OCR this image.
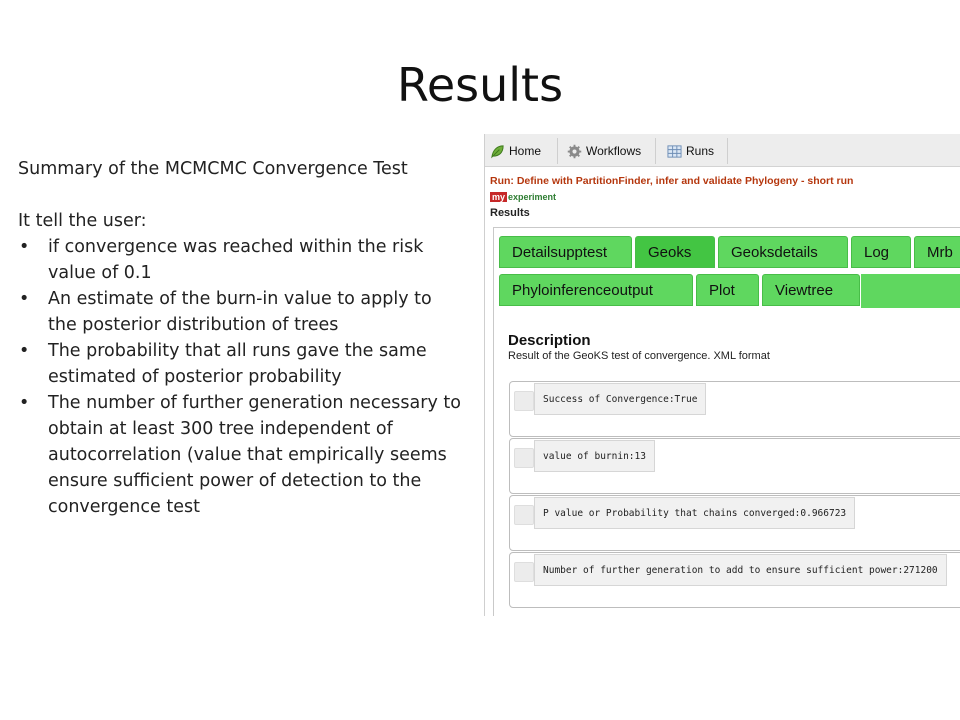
Results

Summary of the MCMCMC Convergence Test

It tell the user:

• if convergence was reached within the risk value of 0.1
• An estimate of the burn-in value to apply to the posterior distribution of trees
• The probability that all runs gave the same estimated of posterior probability
• The number of further generation necessary to obtain at least 300 tree independent of autocorrelation (value that empirically seems ensure sufficient power of detection to the convergence test
Home	Workflows	Runs
Run: Define with PartitionFinder, infer and validate Phylogeny - short run
my experiment
Results
Detailsupptest	Geoks	Geoksdetails	Log	Mrb
Phyloinferenceoutput	Plot	Viewtree
Description
Result of the GeoKS test of convergence. XML format
Success of Convergence:True
value of burnin:13
P value or Probability that chains converged:0.966723
Number of further generation to add to ensure sufficient power:271200
